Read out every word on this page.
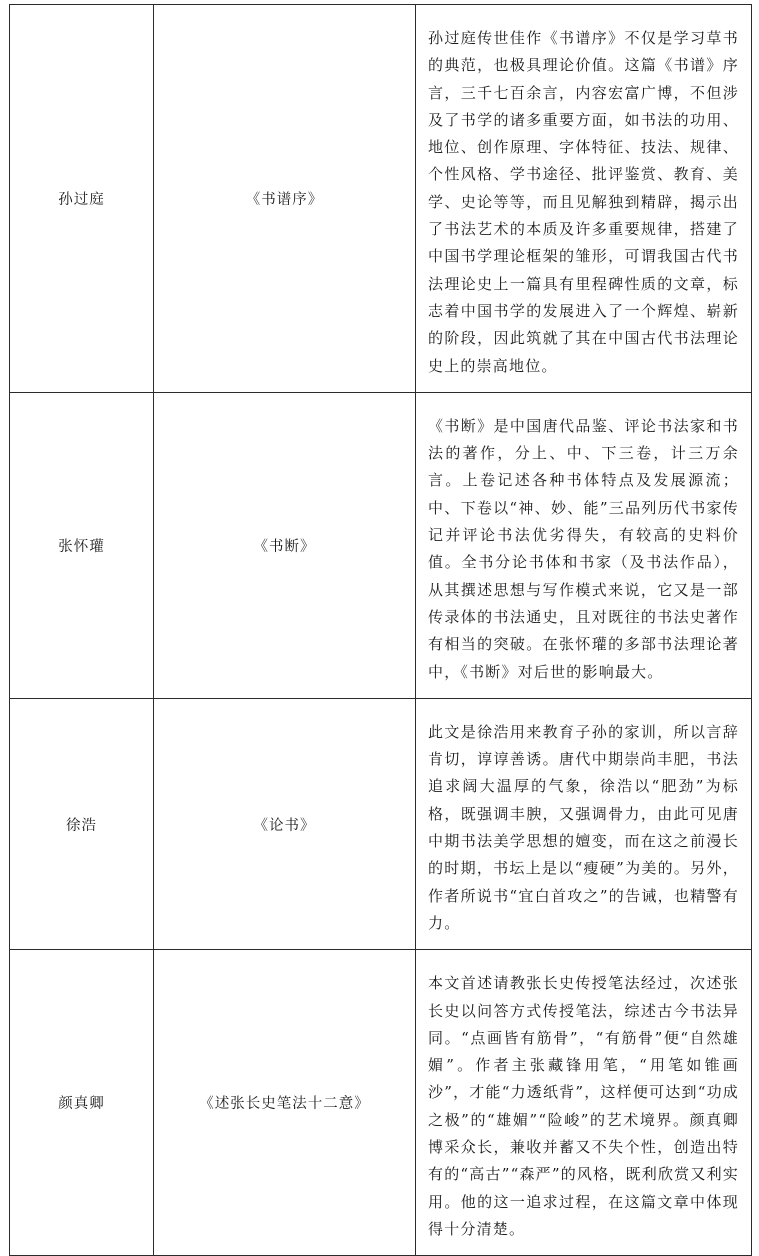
孙过庭	《书谱序》	孙过庭传世佳作《书谱序》不仅是学习草书的典范，也极具理论价值。这篇《书谱》序言，三千七百余言，内容宏富广博，不但涉及了书学的诸多重要方面，如书法的功用、地位、创作原理、字体特征、技法、规律、个性风格、学书途径、批评鉴赏、教育、美学、史论等等，而且见解独到精辟，揭示出了书法艺术的本质及许多重要规律，搭建了中国书学理论框架的雏形，可谓我国古代书法理论史上一篇具有里程碑性质的文章，标志着中国书学的发展进入了一个辉煌、崭新的阶段，因此筑就了其在中国古代书法理论史上的崇高地位。

张怀瓘	《书断》	《书断》是中国唐代品鉴、评论书法家和书法的著作，分上、中、下三卷，计三万余言。上卷记述各种书体特点及发展源流；中、下卷以“神、妙、能”三品列历代书家传记并评论书法优劣得失，有较高的史料价值。全书分论书体和书家（及书法作品），从其撰述思想与写作模式来说，它又是一部传录体的书法通史，且对既往的书法史著作有相当的突破。在张怀瓘的多部书法理论著中，《书断》对后世的影响最大。

徐浩	《论书》	此文是徐浩用来教育子孙的家训，所以言辞肯切，谆谆善诱。唐代中期崇尚丰肥，书法追求阔大温厚的气象，徐浩以“肥劲”为标格，既强调丰腴，又强调骨力，由此可见唐中期书法美学思想的嬗变，而在这之前漫长的时期，书坛上是以“瘦硬”为美的。另外，作者所说书“宜白首攻之”的告诫，也精警有力。

颜真卿	《述张长史笔法十二意》	本文首述请教张长史传授笔法经过，次述张长史以问答方式传授笔法，综述古今书法异同。“点画皆有筋骨”，“有筋骨”便“自然雄媚”。作者主张藏锋用笔，“用笔如锥画沙”，才能“力透纸背”，这样便可达到“功成之极”的“雄媚”“险峻”的艺术境界。颜真卿博采众长，兼收并蓄又不失个性，创造出特有的“高古”“森严”的风格，既利欣赏又利实用。他的这一追求过程，在这篇文章中体现得十分清楚。
